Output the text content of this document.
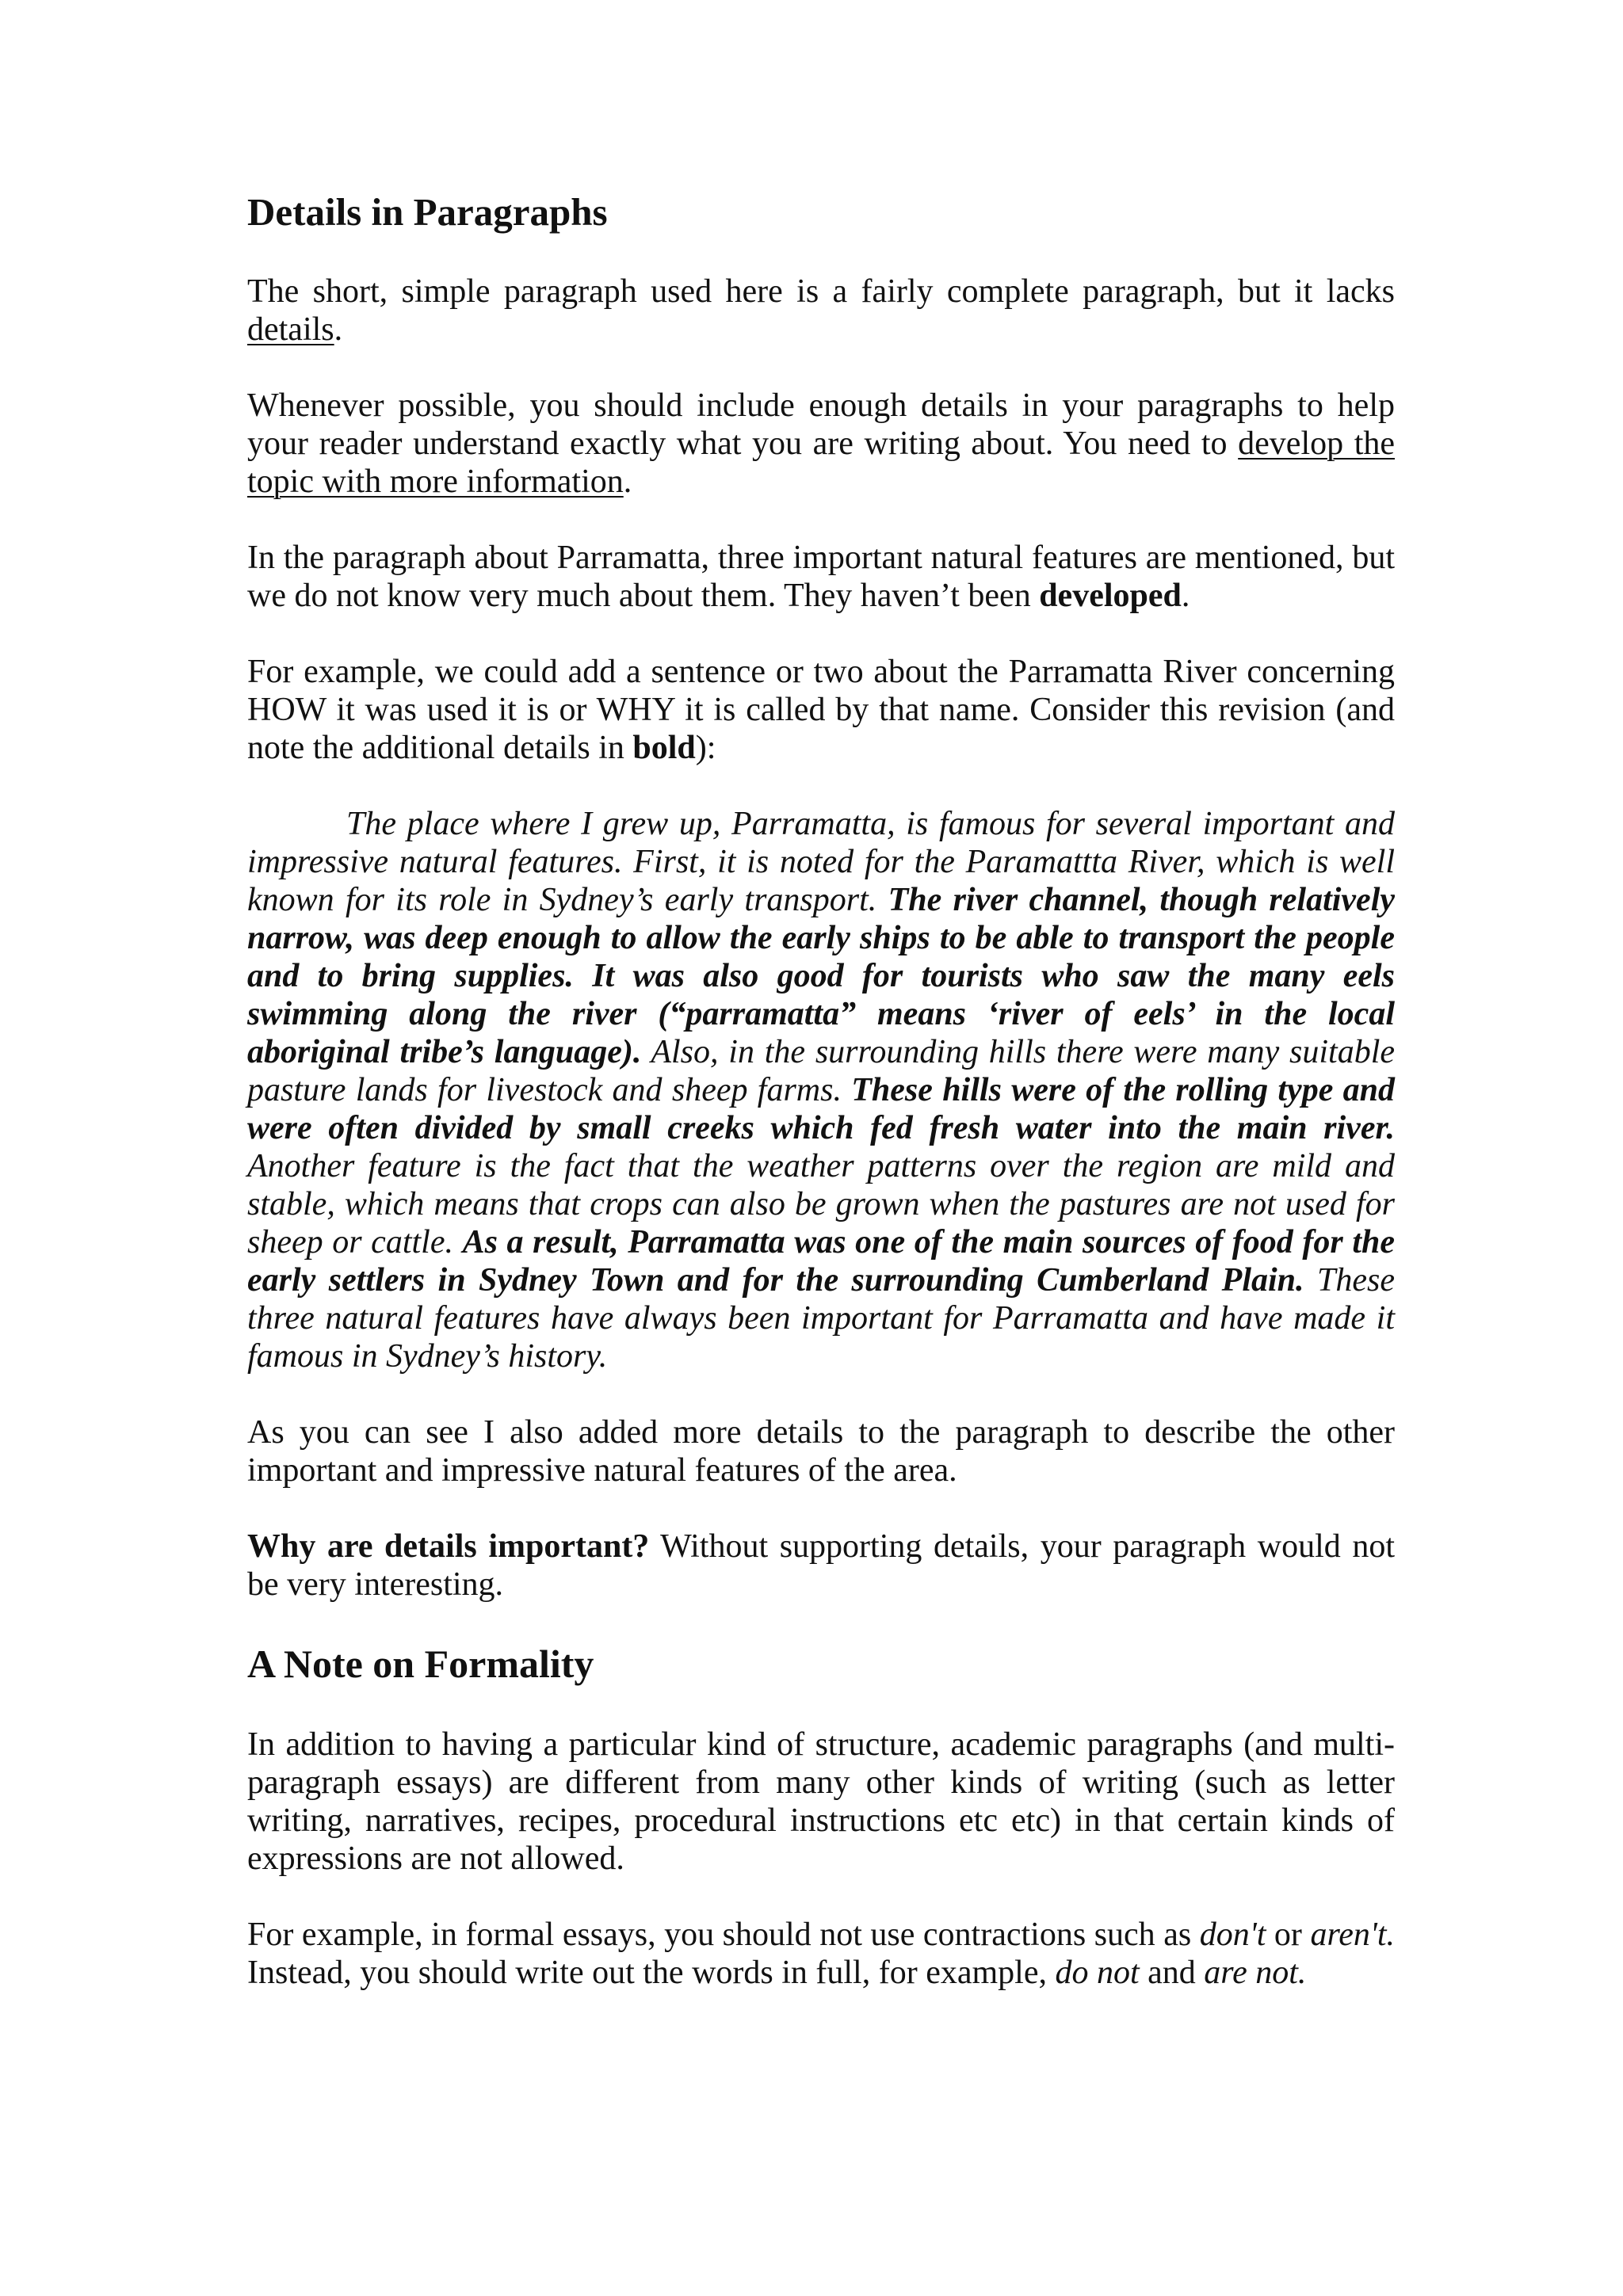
Details in Paragraphs

The short, simple paragraph used here is a fairly complete paragraph, but it lacks details.

Whenever possible, you should include enough details in your paragraphs to help your reader understand exactly what you are writing about. You need to develop the topic with more information.

In the paragraph about Parramatta, three important natural features are mentioned, but we do not know very much about them. They haven’t been developed.

For example, we could add a sentence or two about the Parramatta River concerning HOW it was used it is or WHY it is called by that name. Consider this revision (and note the additional details in bold):

The place where I grew up, Parramatta, is famous for several important and impressive natural features. First, it is noted for the Paramattta River, which is well known for its role in Sydney’s early transport. The river channel, though relatively narrow, was deep enough to allow the early ships to be able to transport the people and to bring supplies. It was also good for tourists who saw the many eels swimming along the river (“parramatta” means ‘river of eels’ in the local aboriginal tribe’s language). Also, in the surrounding hills there were many suitable pasture lands for livestock and sheep farms. These hills were of the rolling type and were often divided by small creeks which fed fresh water into the main river. Another feature is the fact that the weather patterns over the region are mild and stable, which means that crops can also be grown when the pastures are not used for sheep or cattle. As a result, Parramatta was one of the main sources of food for the early settlers in Sydney Town and for the surrounding Cumberland Plain. These three natural features have always been important for Parramatta and have made it famous in Sydney’s history.

As you can see I also added more details to the paragraph to describe the other important and impressive natural features of the area.

Why are details important? Without supporting details, your paragraph would not be very interesting.

A Note on Formality

In addition to having a particular kind of structure, academic paragraphs (and multi-paragraph essays) are different from many other kinds of writing (such as letter writing, narratives, recipes, procedural instructions etc etc) in that certain kinds of expressions are not allowed.

For example, in formal essays, you should not use contractions such as don't or aren't. Instead, you should write out the words in full, for example, do not and are not.
